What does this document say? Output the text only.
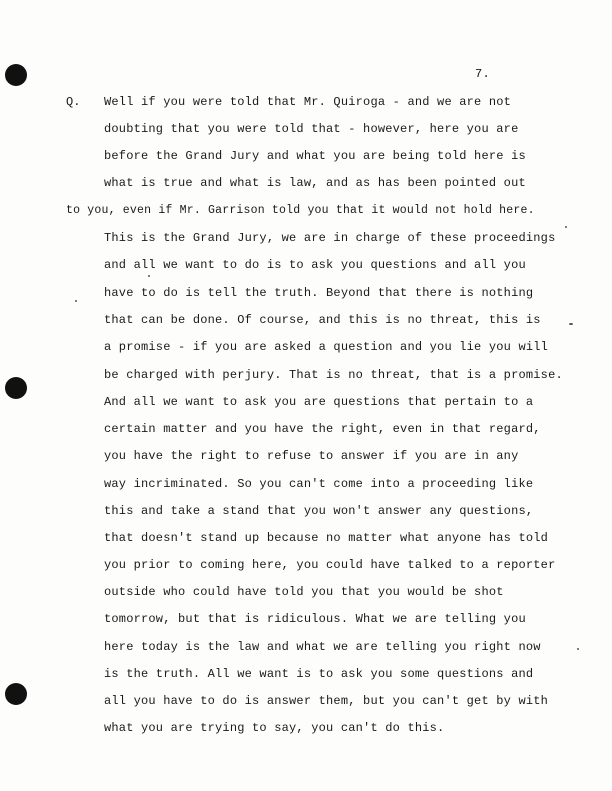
7.
Q. Well if you were told that Mr. Quiroga - and we are not
doubting that you were told that - however, here you are
before the Grand Jury and what you are being told here is
what is true and what is law, and as has been pointed out
to you, even if Mr. Garrison told you that it would not hold here.
This is the Grand Jury, we are in charge of these proceedings
and all we want to do is to ask you questions and all you
have to do is tell the truth. Beyond that there is nothing
that can be done. Of course, and this is no threat, this is
a promise - if you are asked a question and you lie you will
be charged with perjury. That is no threat, that is a promise.
And all we want to ask you are questions that pertain to a
certain matter and you have the right, even in that regard,
you have the right to refuse to answer if you are in any
way incriminated. So you can't come into a proceeding like
this and take a stand that you won't answer any questions,
that doesn't stand up because no matter what anyone has told
you prior to coming here, you could have talked to a reporter
outside who could have told you that you would be shot
tomorrow, but that is ridiculous. What we are telling you
here today is the law and what we are telling you right now
is the truth. All we want is to ask you some questions and
all you have to do is answer them, but you can't get by with
what you are trying to say, you can't do this.
